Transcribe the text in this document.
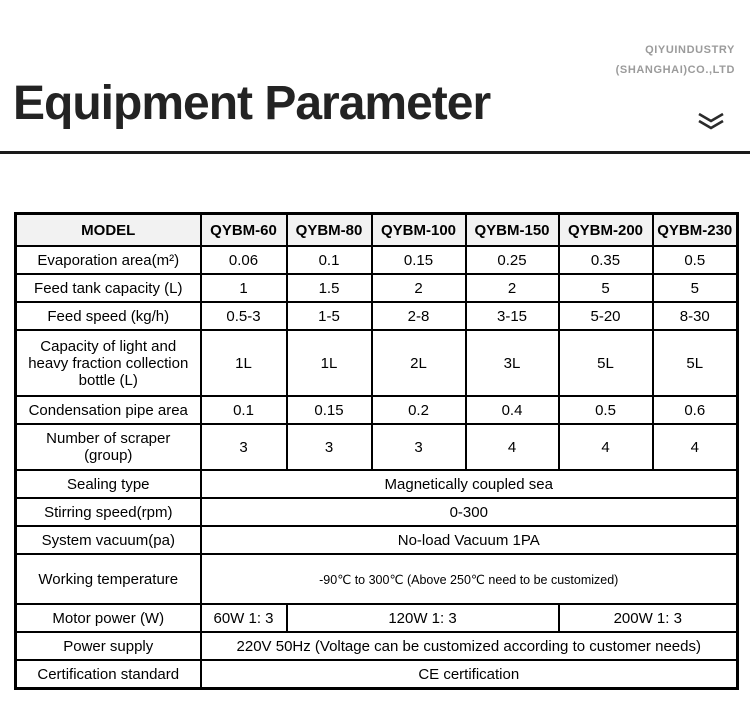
QIYUINDUSTRY
(SHANGHAI)CO.,LTD
Equipment Parameter
MODEL	QYBM-60	QYBM-80	QYBM-100	QYBM-150	QYBM-200	QYBM-230
Evaporation area(m²)	0.06	0.1	0.15	0.25	0.35	0.5
Feed tank capacity (L)	1	1.5	2	2	5	5
Feed speed (kg/h)	0.5-3	1-5	2-8	3-15	5-20	8-30
Capacity of light and heavy fraction collection bottle (L)	1L	1L	2L	3L	5L	5L
Condensation pipe area	0.1	0.15	0.2	0.4	0.5	0.6
Number of scraper (group)	3	3	3	4	4	4
Sealing type	Magnetically coupled sea					
Stirring speed(rpm)	0-300					
System vacuum(pa)	No-load Vacuum 1PA					
Working temperature	-90℃ to 300℃ (Above 250℃ need to be customized)					
Motor power (W)	60W 1: 3	120W 1: 3			200W 1: 3	
Power supply	220V 50Hz (Voltage can be customized according to customer needs)					
Certification standard	CE certification					
